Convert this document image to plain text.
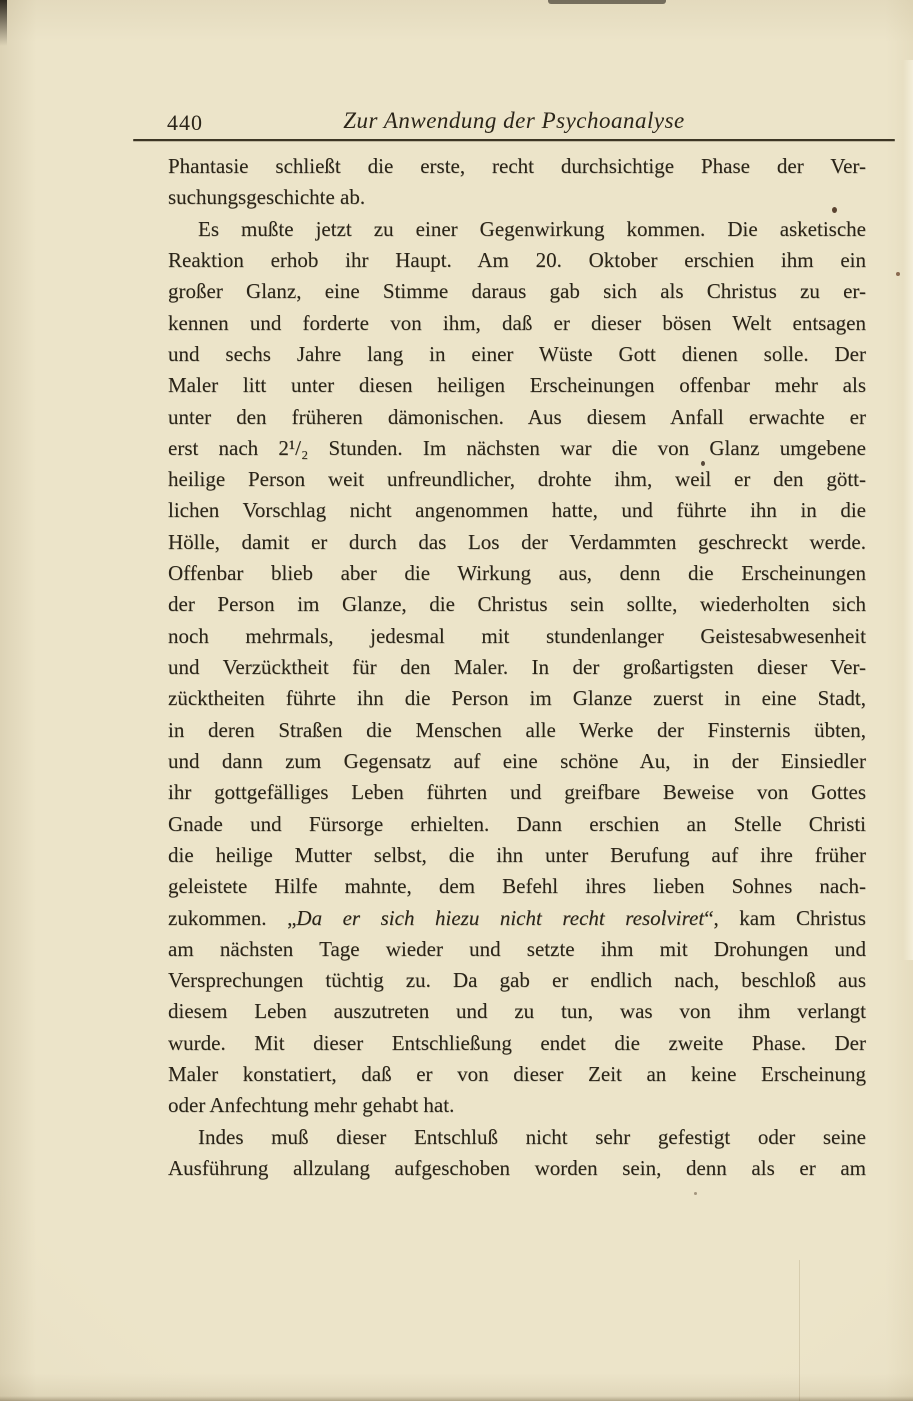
440	Zur Anwendung der Psychoanalyse
Phantasie schließt die erste, recht durchsichtige Phase der Ver-
suchungsgeschichte ab.
Es mußte jetzt zu einer Gegenwirkung kommen. Die asketische
Reaktion erhob ihr Haupt. Am 20. Oktober erschien ihm ein
großer Glanz, eine Stimme daraus gab sich als Christus zu er-
kennen und forderte von ihm, daß er dieser bösen Welt entsagen
und sechs Jahre lang in einer Wüste Gott dienen solle. Der
Maler litt unter diesen heiligen Erscheinungen offenbar mehr als
unter den früheren dämonischen. Aus diesem Anfall erwachte er
erst nach 2¹/₂ Stunden. Im nächsten war die von Glanz umgebene
heilige Person weit unfreundlicher, drohte ihm, weil er den gött-
lichen Vorschlag nicht angenommen hatte, und führte ihn in die
Hölle, damit er durch das Los der Verdammten geschreckt werde.
Offenbar blieb aber die Wirkung aus, denn die Erscheinungen
der Person im Glanze, die Christus sein sollte, wiederholten sich
noch mehrmals, jedesmal mit stundenlanger Geistesabwesenheit
und Verzücktheit für den Maler. In der großartigsten dieser Ver-
zücktheiten führte ihn die Person im Glanze zuerst in eine Stadt,
in deren Straßen die Menschen alle Werke der Finsternis übten,
und dann zum Gegensatz auf eine schöne Au, in der Einsiedler
ihr gottgefälliges Leben führten und greifbare Beweise von Gottes
Gnade und Fürsorge erhielten. Dann erschien an Stelle Christi
die heilige Mutter selbst, die ihn unter Berufung auf ihre früher
geleistete Hilfe mahnte, dem Befehl ihres lieben Sohnes nach-
zukommen. „Da er sich hiezu nicht recht resolviret“, kam Christus
am nächsten Tage wieder und setzte ihm mit Drohungen und
Versprechungen tüchtig zu. Da gab er endlich nach, beschloß aus
diesem Leben auszutreten und zu tun, was von ihm verlangt
wurde. Mit dieser Entschließung endet die zweite Phase. Der
Maler konstatiert, daß er von dieser Zeit an keine Erscheinung
oder Anfechtung mehr gehabt hat.
Indes muß dieser Entschluß nicht sehr gefestigt oder seine
Ausführung allzulang aufgeschoben worden sein, denn als er am
